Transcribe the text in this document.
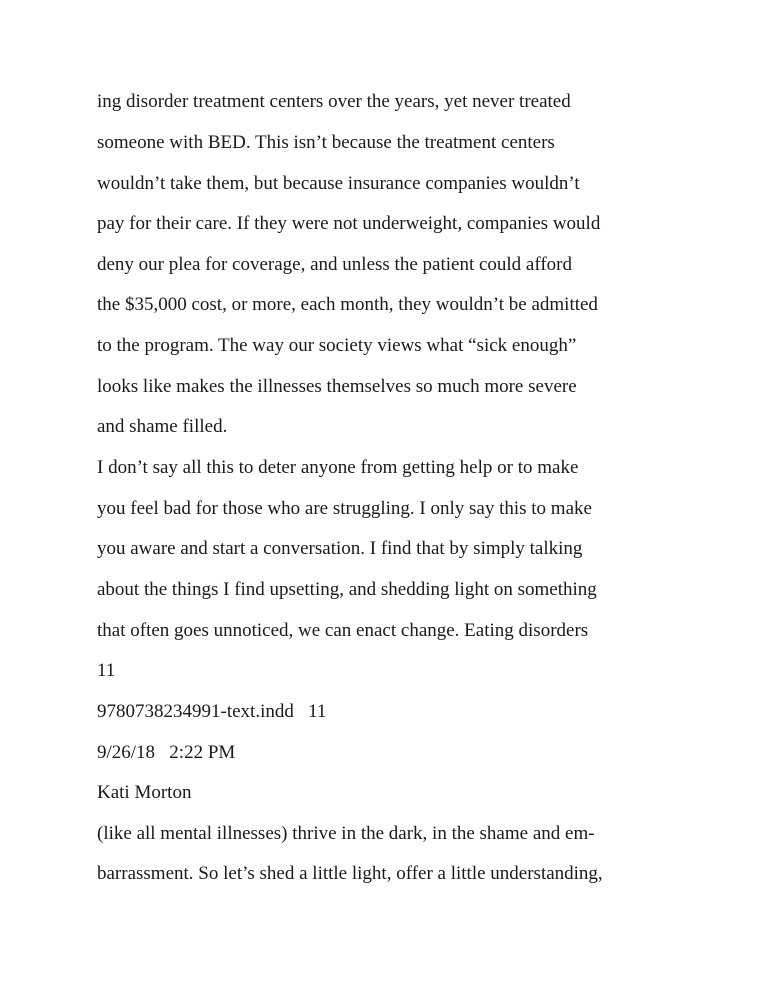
ing disorder treatment centers over the years, yet never treated

someone with BED. This isn’t because the treatment centers

wouldn’t take them, but because insurance companies wouldn’t

pay for their care. If they were not underweight, companies would

deny our plea for coverage, and unless the patient could afford

the $35,000 cost, or more, each month, they wouldn’t be admitted

to the program. The way our society views what “sick enough”

looks like makes the illnesses themselves so much more severe

and shame filled.

I don’t say all this to deter anyone from getting help or to make

you feel bad for those who are struggling. I only say this to make

you aware and start a conversation. I find that by simply talking

about the things I find upsetting, and shedding light on something

that often goes unnoticed, we can enact change. Eating disorders

11

9780738234991-text.indd   11

9/26/18   2:22 PM

Kati Morton

(like all mental illnesses) thrive in the dark, in the shame and em-

barrassment. So let’s shed a little light, offer a little understanding,
